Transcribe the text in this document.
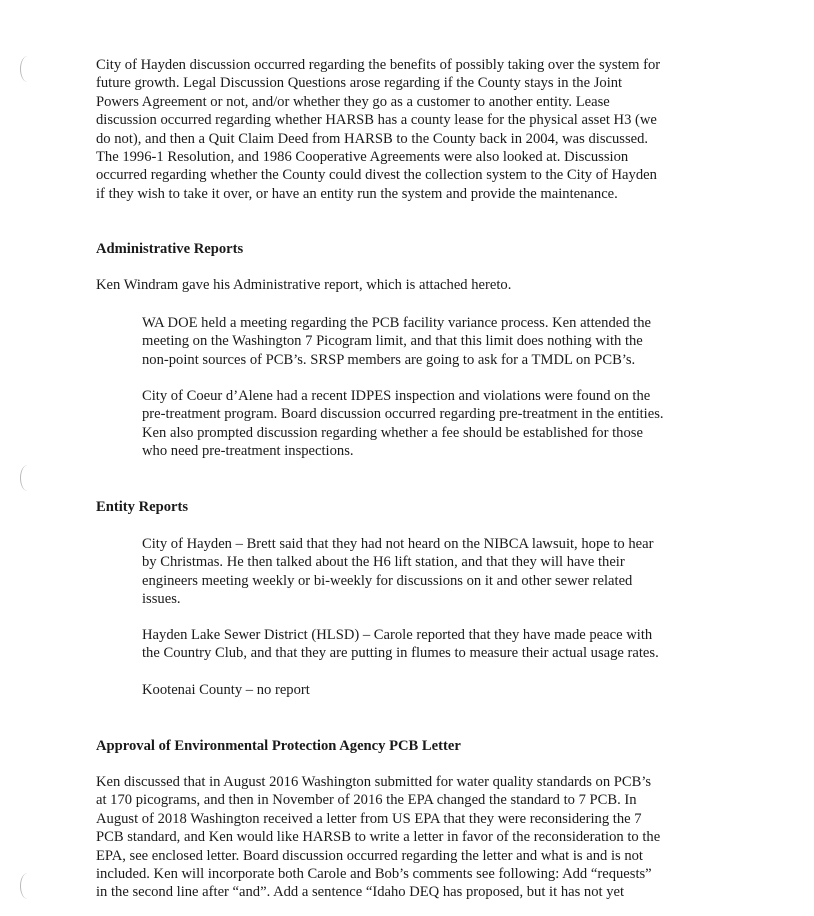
City of Hayden discussion occurred regarding the benefits of possibly taking over the system for
future growth. Legal Discussion Questions arose regarding if the County stays in the Joint
Powers Agreement or not, and/or whether they go as a customer to another entity. Lease
discussion occurred regarding whether HARSB has a county lease for the physical asset H3 (we
do not), and then a Quit Claim Deed from HARSB to the County back in 2004, was discussed.
The 1996-1 Resolution, and 1986 Cooperative Agreements were also looked at. Discussion
occurred regarding whether the County could divest the collection system to the City of Hayden
if they wish to take it over, or have an entity run the system and provide the maintenance.
Administrative Reports
Ken Windram gave his Administrative report, which is attached hereto.
WA DOE held a meeting regarding the PCB facility variance process. Ken attended the
meeting on the Washington 7 Picogram limit, and that this limit does nothing with the
non-point sources of PCB’s. SRSP members are going to ask for a TMDL on PCB’s.
City of Coeur d’Alene had a recent IDPES inspection and violations were found on the
pre-treatment program. Board discussion occurred regarding pre-treatment in the entities.
Ken also prompted discussion regarding whether a fee should be established for those
who need pre-treatment inspections.
Entity Reports
City of Hayden – Brett said that they had not heard on the NIBCA lawsuit, hope to hear
by Christmas. He then talked about the H6 lift station, and that they will have their
engineers meeting weekly or bi-weekly for discussions on it and other sewer related
issues.
Hayden Lake Sewer District (HLSD) – Carole reported that they have made peace with
the Country Club, and that they are putting in flumes to measure their actual usage rates.
Kootenai County – no report
Approval of Environmental Protection Agency PCB Letter
Ken discussed that in August 2016 Washington submitted for water quality standards on PCB’s
at 170 picograms, and then in November of 2016 the EPA changed the standard to 7 PCB. In
August of 2018 Washington received a letter from US EPA that they were reconsidering the 7
PCB standard, and Ken would like HARSB to write a letter in favor of the reconsideration to the
EPA, see enclosed letter. Board discussion occurred regarding the letter and what is and is not
included. Ken will incorporate both Carole and Bob’s comments see following: Add “requests”
in the second line after “and”. Add a sentence “Idaho DEQ has proposed, but it has not yet
